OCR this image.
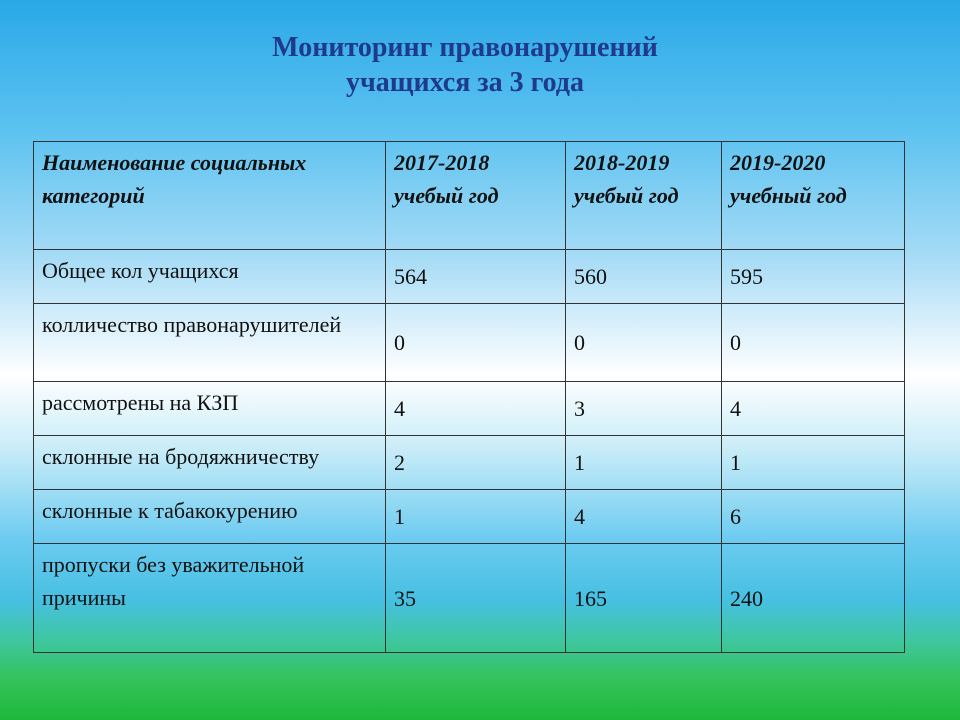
Мониторинг правонарушений
учащихся за 3 года
Наименование социальных категорий	2017-2018 учебый год	2018-2019 учебый год	2019-2020 учебный год
Общее кол учащихся	564	560	595
колличество правонарушителей	0	0	0
рассмотрены на КЗП	4	3	4
склонные на бродяжничеству	2	1	1
склонные к табакокурению	1	4	6
пропуски без уважительной причины	35	165	240
